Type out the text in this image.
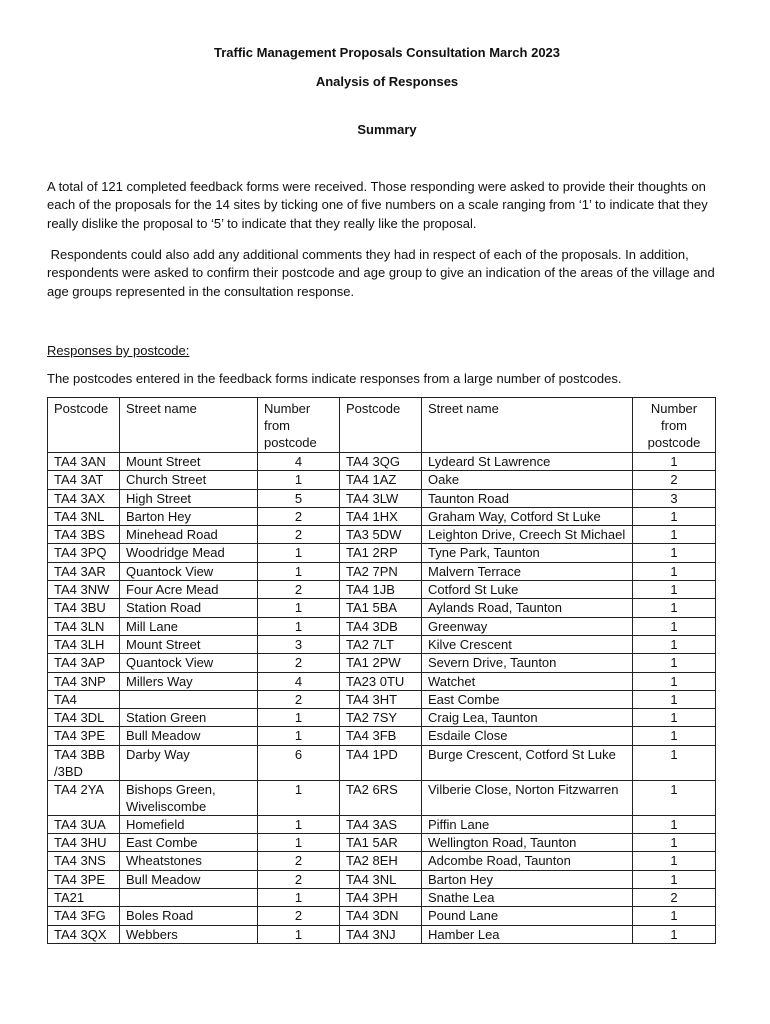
Traffic Management Proposals Consultation March 2023

Analysis of Responses

Summary

A total of 121 completed feedback forms were received. Those responding were asked to provide their thoughts on each of the proposals for the 14 sites by ticking one of five numbers on a scale ranging from ‘1’ to indicate that they really dislike the proposal to ‘5’ to indicate that they really like the proposal.

Respondents could also add any additional comments they had in respect of each of the proposals. In addition, respondents were asked to confirm their postcode and age group to give an indication of the areas of the village and age groups represented in the consultation response.

Responses by postcode:

The postcodes entered in the feedback forms indicate responses from a large number of postcodes.

Postcode	Street name	Number from postcode	Postcode	Street name	Number from postcode
TA4 3AN	Mount Street	4	TA4 3QG	Lydeard St Lawrence	1
TA4 3AT	Church Street	1	TA4 1AZ	Oake	2
TA4 3AX	High Street	5	TA4 3LW	Taunton Road	3
TA4 3NL	Barton Hey	2	TA4 1HX	Graham Way, Cotford St Luke	1
TA4 3BS	Minehead Road	2	TA3 5DW	Leighton Drive, Creech St Michael	1
TA4 3PQ	Woodridge Mead	1	TA1 2RP	Tyne Park, Taunton	1
TA4 3AR	Quantock View	1	TA2 7PN	Malvern Terrace	1
TA4 3NW	Four Acre Mead	2	TA4 1JB	Cotford St Luke	1
TA4 3BU	Station Road	1	TA1 5BA	Aylands Road, Taunton	1
TA4 3LN	Mill Lane	1	TA4 3DB	Greenway	1
TA4 3LH	Mount Street	3	TA2 7LT	Kilve Crescent	1
TA4 3AP	Quantock View	2	TA1 2PW	Severn Drive, Taunton	1
TA4 3NP	Millers Way	4	TA23 0TU	Watchet	1
TA4		2	TA4 3HT	East Combe	1
TA4 3DL	Station Green	1	TA2 7SY	Craig Lea, Taunton	1
TA4 3PE	Bull Meadow	1	TA4 3FB	Esdaile Close	1
TA4 3BB /3BD	Darby Way	6	TA4 1PD	Burge Crescent, Cotford St Luke	1
TA4 2YA	Bishops Green, Wiveliscombe	1	TA2 6RS	Vilberie Close, Norton Fitzwarren	1
TA4 3UA	Homefield	1	TA4 3AS	Piffin Lane	1
TA4 3HU	East Combe	1	TA1 5AR	Wellington Road, Taunton	1
TA4 3NS	Wheatstones	2	TA2 8EH	Adcombe Road, Taunton	1
TA4 3PE	Bull Meadow	2	TA4 3NL	Barton Hey	1
TA21		1	TA4 3PH	Snathe Lea	2
TA4 3FG	Boles Road	2	TA4 3DN	Pound Lane	1
TA4 3QX	Webbers	1	TA4 3NJ	Hamber Lea	1
